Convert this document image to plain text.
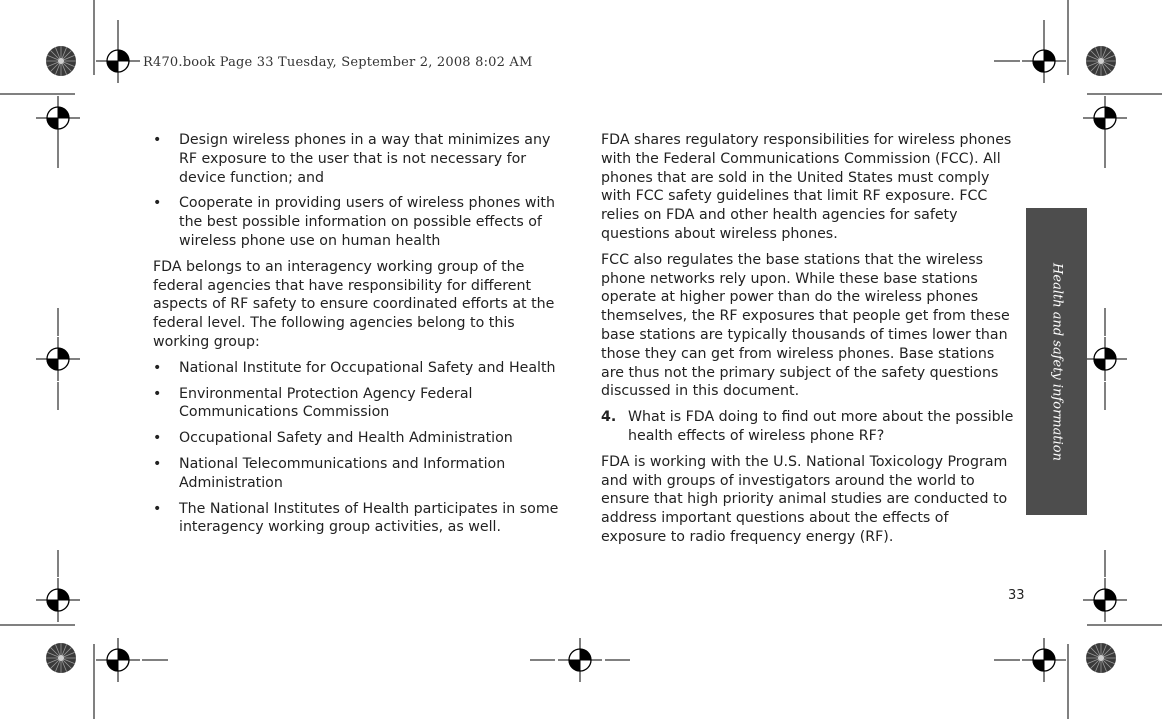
R470.book Page 33 Tuesday, September 2, 2008 8:02 AM
• Design wireless phones in a way that minimizes any RF exposure to the user that is not necessary for device function; and
• Cooperate in providing users of wireless phones with the best possible information on possible effects of wireless phone use on human health

FDA belongs to an interagency working group of the federal agencies that have responsibility for different aspects of RF safety to ensure coordinated efforts at the federal level. The following agencies belong to this working group:

• National Institute for Occupational Safety and Health
• Environmental Protection Agency Federal Communications Commission
• Occupational Safety and Health Administration
• National Telecommunications and Information Administration
• The National Institutes of Health participates in some interagency working group activities, as well.

FDA shares regulatory responsibilities for wireless phones with the Federal Communications Commission (FCC). All phones that are sold in the United States must comply with FCC safety guidelines that limit RF exposure. FCC relies on FDA and other health agencies for safety questions about wireless phones.

FCC also regulates the base stations that the wireless phone networks rely upon. While these base stations operate at higher power than do the wireless phones themselves, the RF exposures that people get from these base stations are typically thousands of times lower than those they can get from wireless phones. Base stations are thus not the primary subject of the safety questions discussed in this document.

4. What is FDA doing to find out more about the possible health effects of wireless phone RF?

FDA is working with the U.S. National Toxicology Program and with groups of investigators around the world to ensure that high priority animal studies are conducted to address important questions about the effects of exposure to radio frequency energy (RF).

Health and safety information
33
